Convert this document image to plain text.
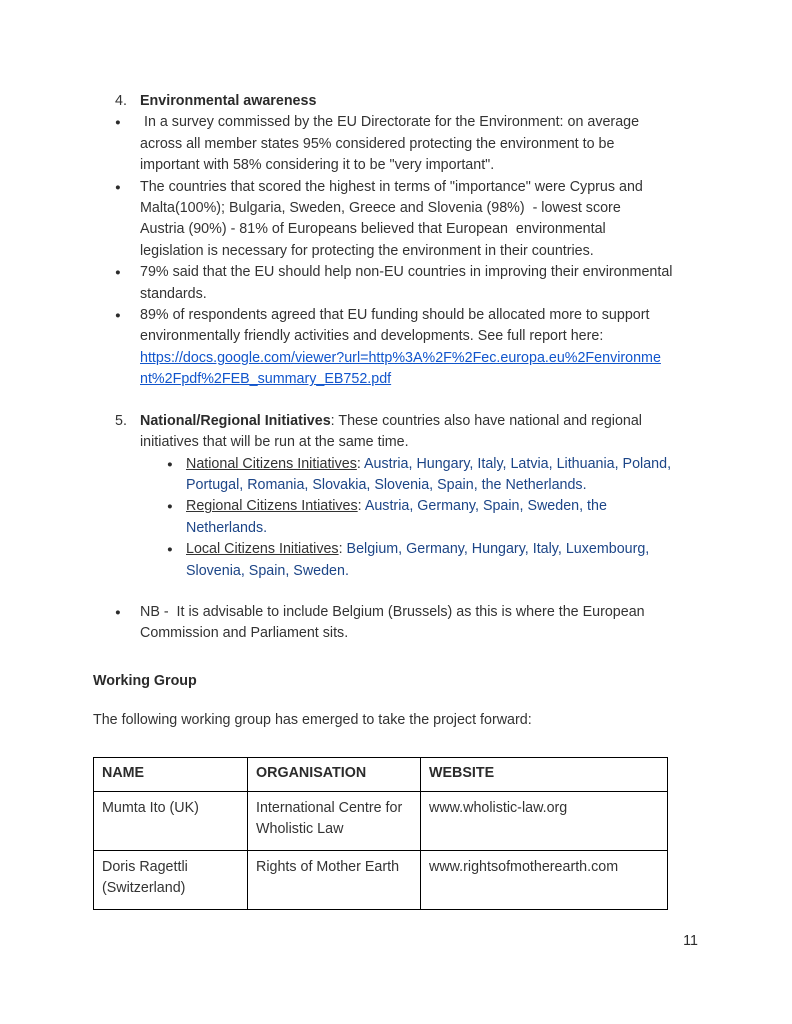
4. Environmental awareness
●	In a survey commissed by the EU Directorate for the Environment: on average
across all member states 95% considered protecting the environment to be
important with 58% considering it to be "very important".
●	The countries that scored the highest in terms of "importance" were Cyprus and
Malta(100%); Bulgaria, Sweden, Greece and Slovenia (98%)  - lowest score
Austria (90%) - 81% of Europeans believed that European  environmental
legislation is necessary for protecting the environment in their countries.
●	79% said that the EU should help non-EU countries in improving their environmental
standards.
●	89% of respondents agreed that EU funding should be allocated more to support
environmentally friendly activities and developments. See full report here:
https://docs.google.com/viewer?url=http%3A%2F%2Fec.europa.eu%2Fenvironme
nt%2Fpdf%2FEB_summary_EB752.pdf
5. National/Regional Initiatives: These countries also have national and regional
initiatives that will be run at the same time.
● National Citizens Initiatives: Austria, Hungary, Italy, Latvia, Lithuania, Poland,
Portugal, Romania, Slovakia, Slovenia, Spain, the Netherlands.
● Regional Citizens Intiatives: Austria, Germany, Spain, Sweden, the
Netherlands.
● Local Citizens Initiatives: Belgium, Germany, Hungary, Italy, Luxembourg,
Slovenia, Spain, Sweden.
●	NB -  It is advisable to include Belgium (Brussels) as this is where the European
Commission and Parliament sits.
Working Group
The following working group has emerged to take the project forward:
NAME	ORGANISATION	WEBSITE
Mumta Ito (UK)	International Centre for Wholistic Law	www.wholistic-law.org
Doris Ragettli (Switzerland)	Rights of Mother Earth	www.rightsofmotherearth.com
11
